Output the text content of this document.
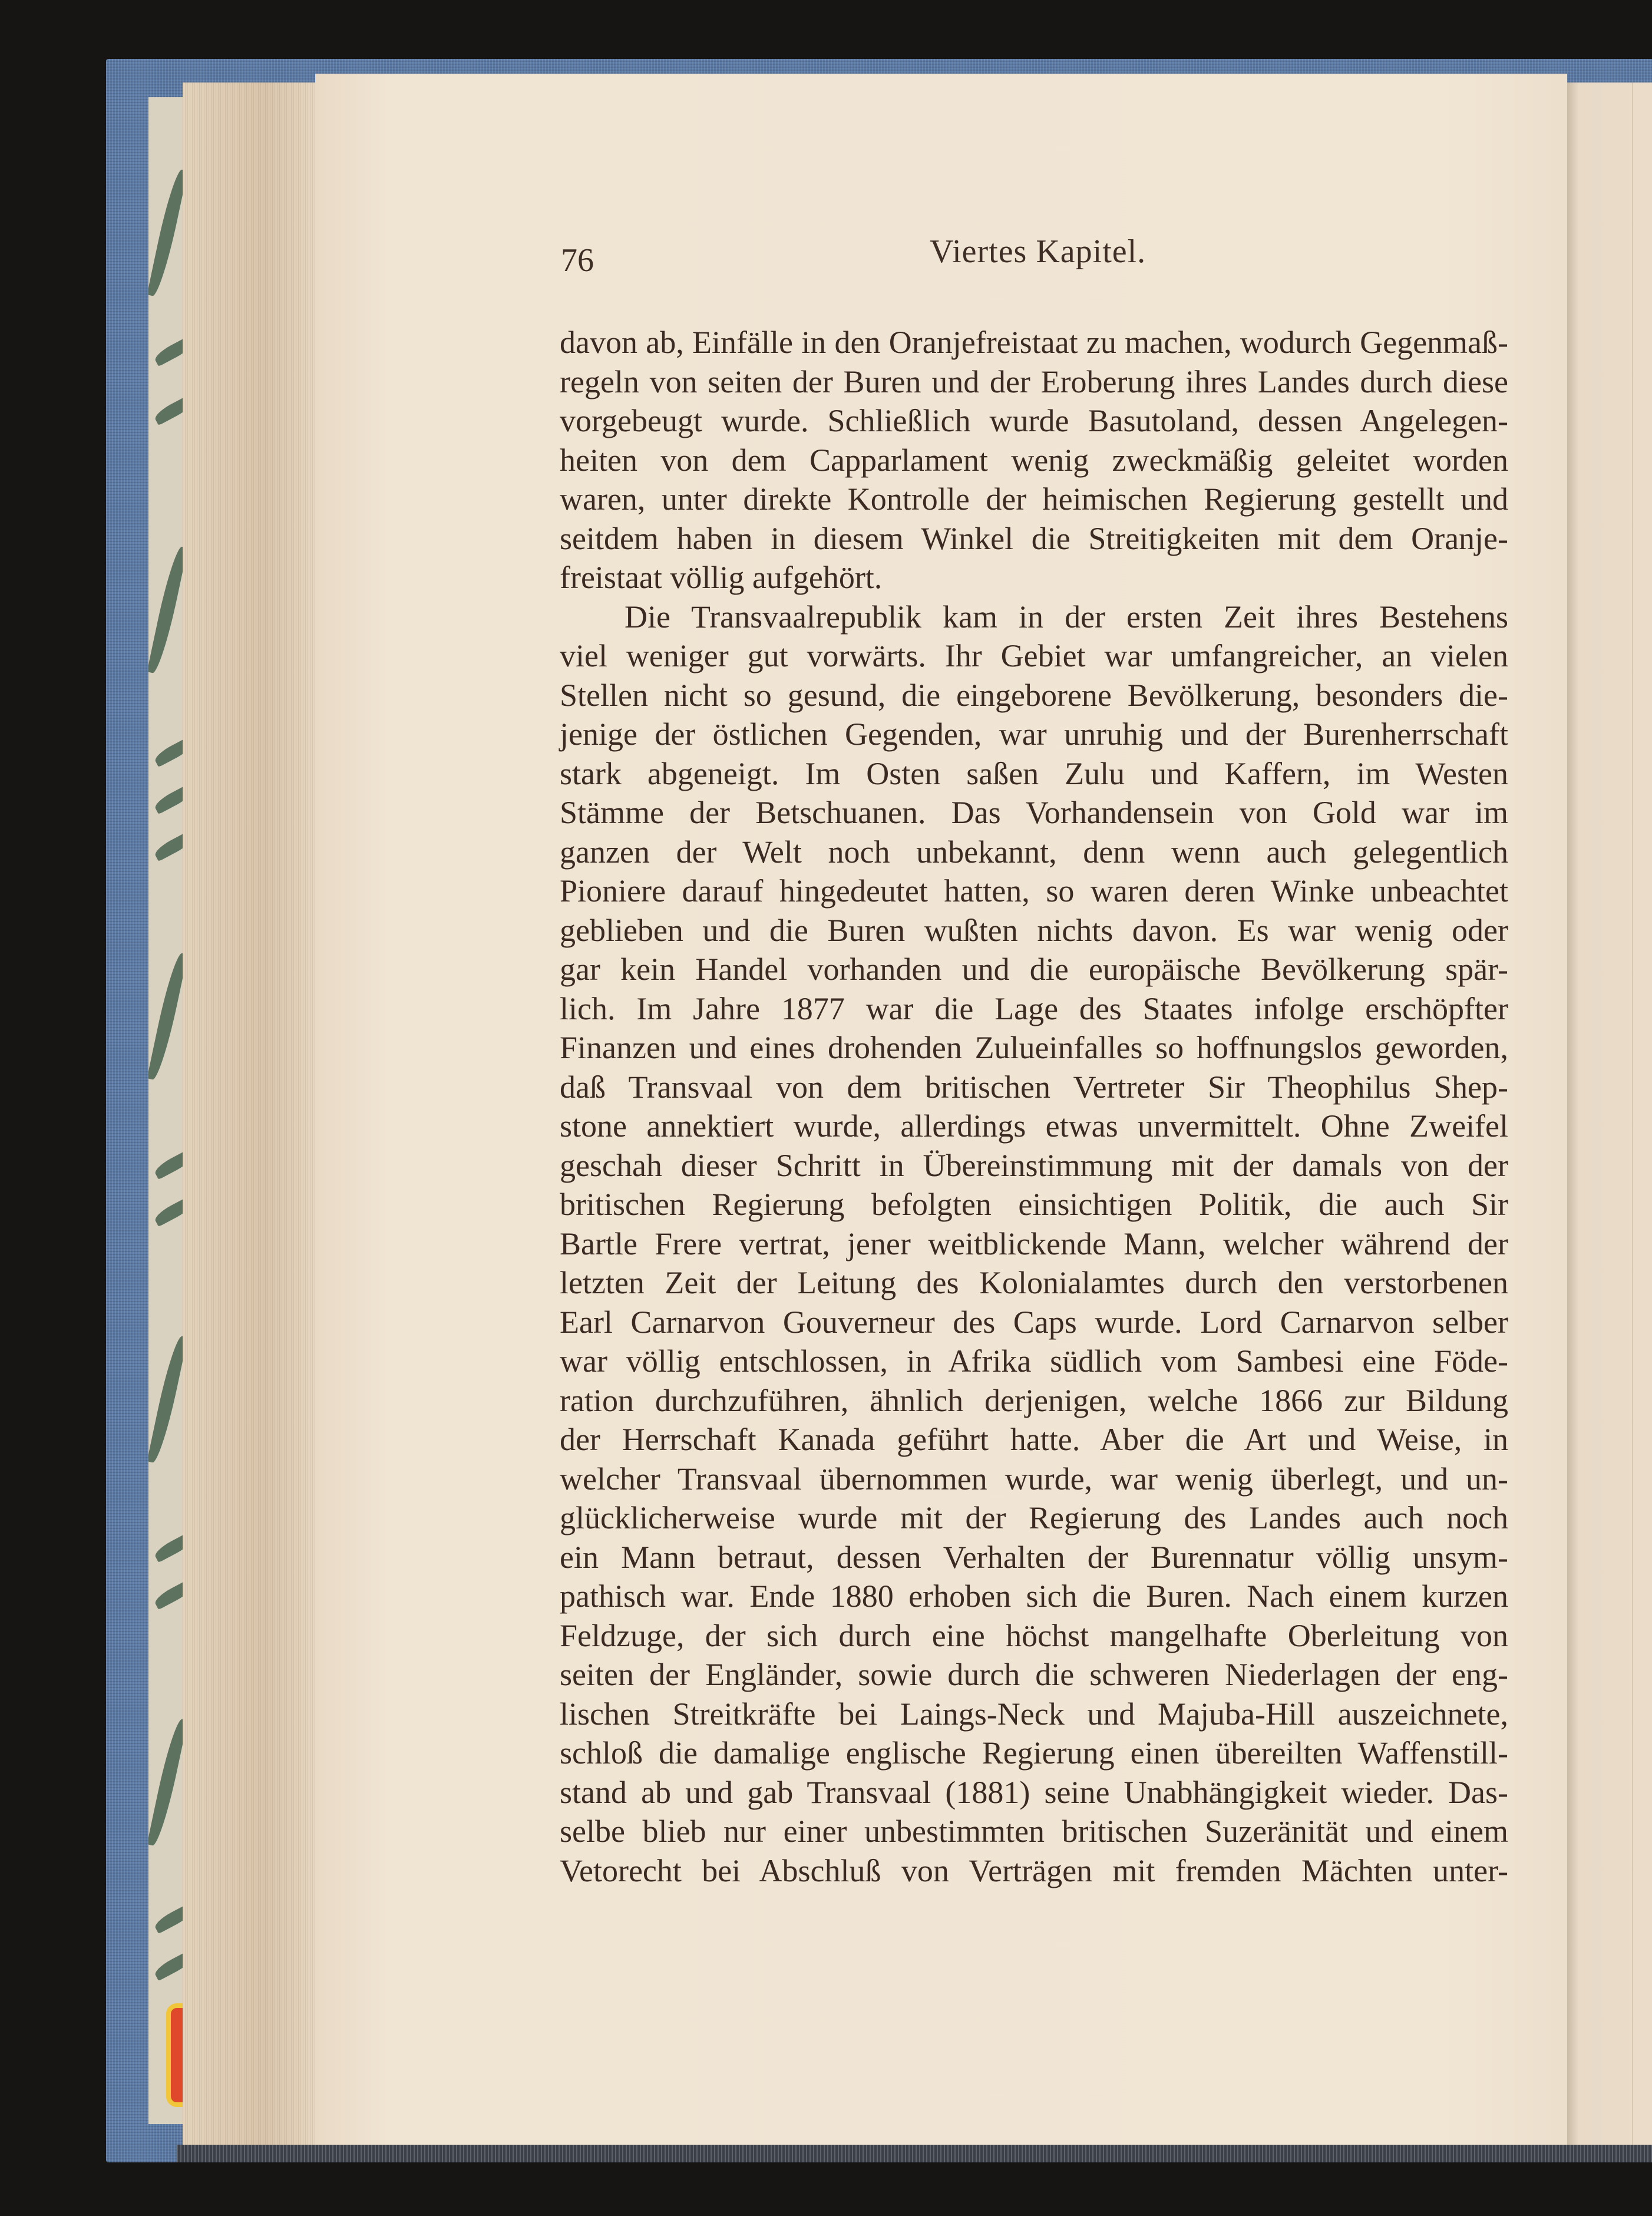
76	Viertes Kapitel.
davon ab, Einfälle in den Oranjefreistaat zu machen, wodurch Gegenmaß-
regeln von seiten der Buren und der Eroberung ihres Landes durch diese
vorgebeugt wurde. Schließlich wurde Basutoland, dessen Angelegen-
heiten von dem Capparlament wenig zweckmäßig geleitet worden
waren, unter direkte Kontrolle der heimischen Regierung gestellt und
seitdem haben in diesem Winkel die Streitigkeiten mit dem Oranje-
freistaat völlig aufgehört.
Die Transvaalrepublik kam in der ersten Zeit ihres Bestehens
viel weniger gut vorwärts. Ihr Gebiet war umfangreicher, an vielen
Stellen nicht so gesund, die eingeborene Bevölkerung, besonders die-
jenige der östlichen Gegenden, war unruhig und der Burenherrschaft
stark abgeneigt. Im Osten saßen Zulu und Kaffern, im Westen
Stämme der Betschuanen. Das Vorhandensein von Gold war im
ganzen der Welt noch unbekannt, denn wenn auch gelegentlich
Pioniere darauf hingedeutet hatten, so waren deren Winke unbeachtet
geblieben und die Buren wußten nichts davon. Es war wenig oder
gar kein Handel vorhanden und die europäische Bevölkerung spär-
lich. Im Jahre 1877 war die Lage des Staates infolge erschöpfter
Finanzen und eines drohenden Zulueinfalles so hoffnungslos geworden,
daß Transvaal von dem britischen Vertreter Sir Theophilus Shep-
stone annektiert wurde, allerdings etwas unvermittelt. Ohne Zweifel
geschah dieser Schritt in Übereinstimmung mit der damals von der
britischen Regierung befolgten einsichtigen Politik, die auch Sir
Bartle Frere vertrat, jener weitblickende Mann, welcher während der
letzten Zeit der Leitung des Kolonialamtes durch den verstorbenen
Earl Carnarvon Gouverneur des Caps wurde. Lord Carnarvon selber
war völlig entschlossen, in Afrika südlich vom Sambesi eine Föde-
ration durchzuführen, ähnlich derjenigen, welche 1866 zur Bildung
der Herrschaft Kanada geführt hatte. Aber die Art und Weise, in
welcher Transvaal übernommen wurde, war wenig überlegt, und un-
glücklicherweise wurde mit der Regierung des Landes auch noch
ein Mann betraut, dessen Verhalten der Burennatur völlig unsym-
pathisch war. Ende 1880 erhoben sich die Buren. Nach einem kurzen
Feldzuge, der sich durch eine höchst mangelhafte Oberleitung von
seiten der Engländer, sowie durch die schweren Niederlagen der eng-
lischen Streitkräfte bei Laings-Neck und Majuba-Hill auszeichnete,
schloß die damalige englische Regierung einen übereilten Waffenstill-
stand ab und gab Transvaal (1881) seine Unabhängigkeit wieder. Das-
selbe blieb nur einer unbestimmten britischen Suzeränität und einem
Vetorecht bei Abschluß von Verträgen mit fremden Mächten unter-
